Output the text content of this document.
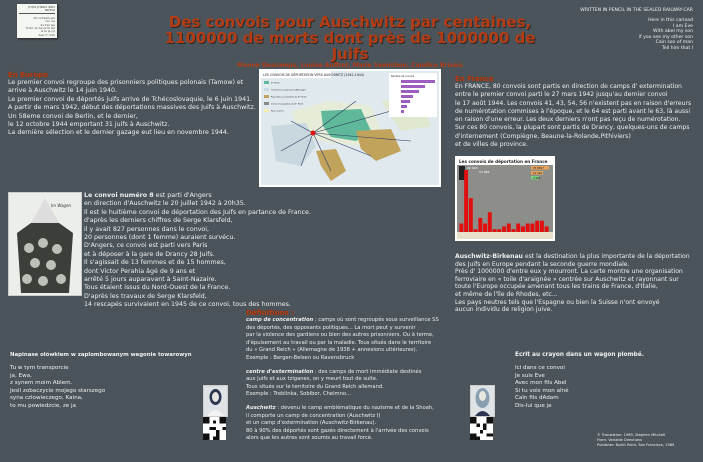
כתוב בעפרון בקרון החתום
כאן במשלוח הזה
אני חוה
עם הבל בני
אם תראו את בני הגדול
קין בן אדם
תגידו לו שאני
Des convois pour Auschwitz par centaines,
1100000 de morts dont près de 1000000 de Juifs
Manon Descamps, Louise Auffret, Marie Semichon, Candice Brisais
WRITTEN IN PENCIL IN THE SEALED RAILWAY-CAR
Here in this carload
I am Eve
With abel my son
if you see my other son
Cain son of man
Tell him that I
En Europe
Le premier convoi regroupe des prisonniers politiques polonais (Tamow) et
arrive à Auschwitz le 14 juin 1940.
Le premier convoi de déportés juifs arrive de Tchécoslovaquie, le 6 juin 1941.
A partir de mars 1942, début des déportations massives des Juifs à Auschwitz.
Un 58eme convoi de Berlin, et le dernier,
le 12 octobre 1944 emportant 31 juifs à Auschwitz.
La dernière sélection et le dernier gazage eut lieu en novembre 1944.
LES CONVOIS DE DÉPORTATION VERS AUSCHWITZ (1942-1944)
III° Reich
Territoires occupés par l'Allemagne
Pays alliés ou satellites du III° Reich
Zones d'occupation du III° Reich
Pays neutres
Nombre de convois	En France
En FRANCE, 80 convois sont partis en direction de camps d' extermination
entre le premier convoi parti le 27 mars 1942 jusqu'au dernier convoi
le 17 août 1944. Les convois 41, 43, 54, 56 n'existent pas en raison d'erreurs
de numérotation commises à l'époque, et le 64 est parti avant le 63, là aussi
en raison d'une erreur. Les deux derniers n'ont pas reçu de numérotation.
Sur ces 80 convois, la plupart sont partis de Drancy, quelques-uns de camps
d'internement (Compiègne, Beaune-la-Rolande,Pithiviers)
et de villes de province.
Les convois de déportation en France
22 420
12 884
75 8897
10 416
2 984
Im Wagen
Le convoi numéro 8 est parti d'Angers
en direction d'Auschwitz le 20 juillet 1942 à 20h35.
Il est le huitième convoi de déportation des Juifs en partance de France.
d'après les derniers chiffres de Serge Klarsfeld,
il y avait 827 personnes dans le convoi,
20 personnes (dont 1 femme) auraient survécu.
D'Angers, ce convoi est parti vers Paris
et à déposer à la gare de Drancy 28 Juifs.
Il s'agissait de 13 femmes et de 15 hommes,
dont Victor Perahia âgé de 9 ans et
arrêté 5 jours auparavant à Saint-Nazaire.
Tous étaient issus du Nord-Ouest de la France.
D'après les travaux de Serge Klarsfeld,
14 rescapés survivaient en 1945 de ce convoi, tous des hommes.
Auschwitz-Birkenau est la destination la plus importante de la déportation
des Juifs en Europe pendant la seconde guerre mondiale.
Près d' 1000000 d'entre eux y mourront. La carte montre une organisation
ferroviaire en « toile d'araignée » centrée sur Auschwitz et rayonnant sur
toute l'Europe occupée amenant tous les trains de France, d'Italie,
et même de l'île de Rhodes, etc...
Les pays neutres tels que l'Espagne ou bien la Suisse n'ont envoyé
aucun individu de religion juive.
Définitions :
camp de concentration : camps où sont regroupés sous surveillance SS
des déportés, des opposants politiques... La mort peut y survenir
par la violence des gardiens ou bien des autres prisonniers. Ou à terme,
d'épuisement au travail ou par la maladie. Tous situés dans le territoire
du « Grand Reich » (Allemagne de 1938 + annexions ultérieures).
Exemple : Bergen-Belsen ou Ravensbruck
centre d'extermination : des camps de mort immédiate destinés
aux juifs et aux tziganes, on y meurt tout de suite.
Tous situés sur le territoire du Grand Reich allemand.
Exemple : Treblinka, Sobibor, Chelmno...
Auschwitz : devenu le camp emblématique du nazisme et de la Shoah,
il comporte un camp de concentration (Auschwitz I)
et un camp d'extermination (Auschwitz-Birkenau).
80 à 90% des déportés sont gazés directement à l'arrivée des convois
alors que les autres sont soumis au travail forcé.
Napinase olówkiem w zaplombowanym wagonie towarowyn
Tu w tym transporcie
ja, Ewa,
z synem moim Ablem.
Jesli zobaczycie mojego starszego
syna czlowieczego, Kaina,
to mu powiedzcie, ze ja
Ecrit au crayon dans un wagon plombé.
Ici dans ce convoi
Je suis Eve
Avec mon fils Abel
Si tu vois mon aîné
Caïn fils dAdam
Dis-lui que je
© Translation: 1989, Stephen Mitchell
From: Variable Directions
Publisher: North Point, San Francisco, 1989
